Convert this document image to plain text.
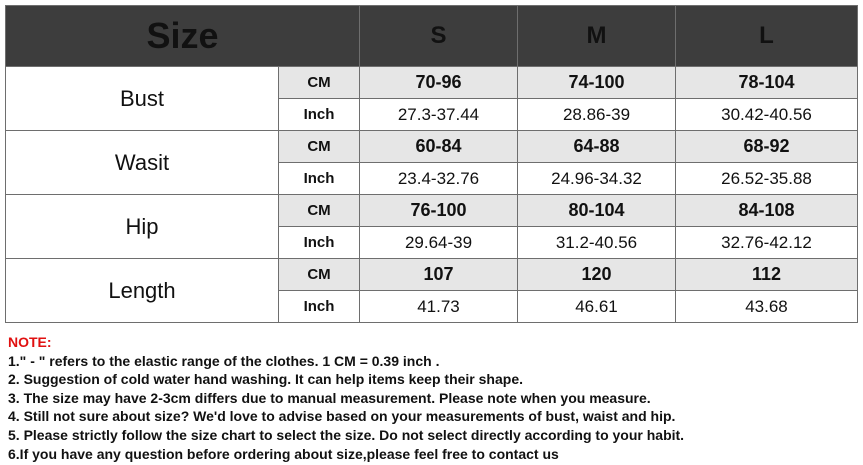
Size		S	M	L
Bust	CM	70-96	74-100	78-104
	Inch	27.3-37.44	28.86-39	30.42-40.56
Wasit	CM	60-84	64-88	68-92
	Inch	23.4-32.76	24.96-34.32	26.52-35.88
Hip	CM	76-100	80-104	84-108
	Inch	29.64-39	31.2-40.56	32.76-42.12
Length	CM	107	120	112
	Inch	41.73	46.61	43.68
NOTE:
1." - " refers to the elastic range of the clothes. 1 CM = 0.39 inch .
2. Suggestion of cold water hand washing. It can help items keep their shape.
3. The size may have 2-3cm differs due to manual measurement. Please note when you measure.
4. Still not sure about size? We'd love to advise based on your measurements of bust, waist and hip.
5. Please strictly follow the size chart to select the size. Do not select directly according to your habit.
6.If you have any question before ordering about size,please feel free to contact us
